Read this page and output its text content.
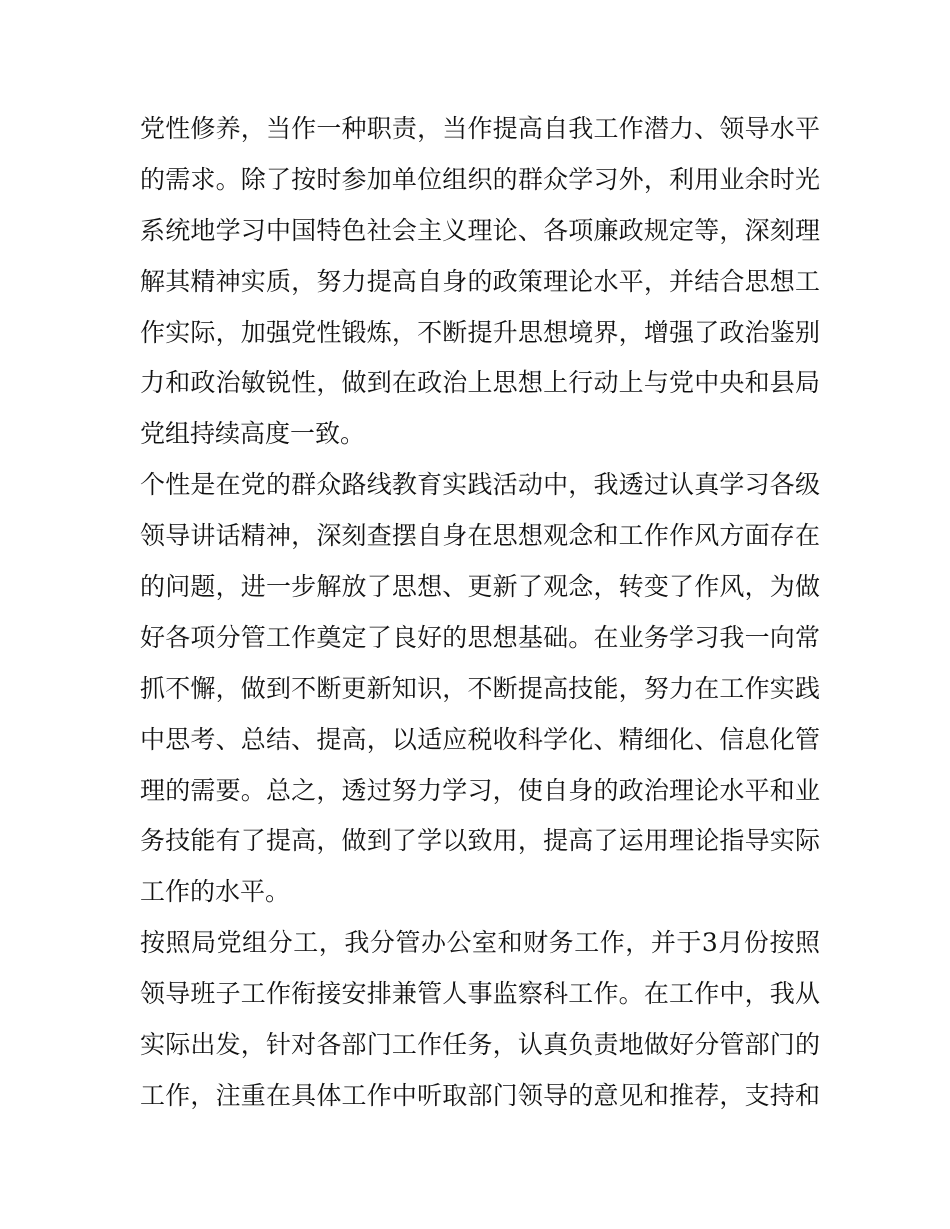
党性修养，当作一种职责，当作提高自我工作潜力、领导水平
的需求。除了按时参加单位组织的群众学习外，利用业余时光
系统地学习中国特色社会主义理论、各项廉政规定等，深刻理
解其精神实质，努力提高自身的政策理论水平，并结合思想工
作实际，加强党性锻炼，不断提升思想境界，增强了政治鉴别
力和政治敏锐性，做到在政治上思想上行动上与党中央和县局
党组持续高度一致。
个性是在党的群众路线教育实践活动中，我透过认真学习各级
领导讲话精神，深刻查摆自身在思想观念和工作作风方面存在
的问题，进一步解放了思想、更新了观念，转变了作风，为做
好各项分管工作奠定了良好的思想基础。在业务学习我一向常
抓不懈，做到不断更新知识，不断提高技能，努力在工作实践
中思考、总结、提高，以适应税收科学化、精细化、信息化管
理的需要。总之，透过努力学习，使自身的政治理论水平和业
务技能有了提高，做到了学以致用，提高了运用理论指导实际
工作的水平。
按照局党组分工，我分管办公室和财务工作，并于3月份按照
领导班子工作衔接安排兼管人事监察科工作。在工作中，我从
实际出发，针对各部门工作任务，认真负责地做好分管部门的
工作，注重在具体工作中听取部门领导的意见和推荐，支持和
